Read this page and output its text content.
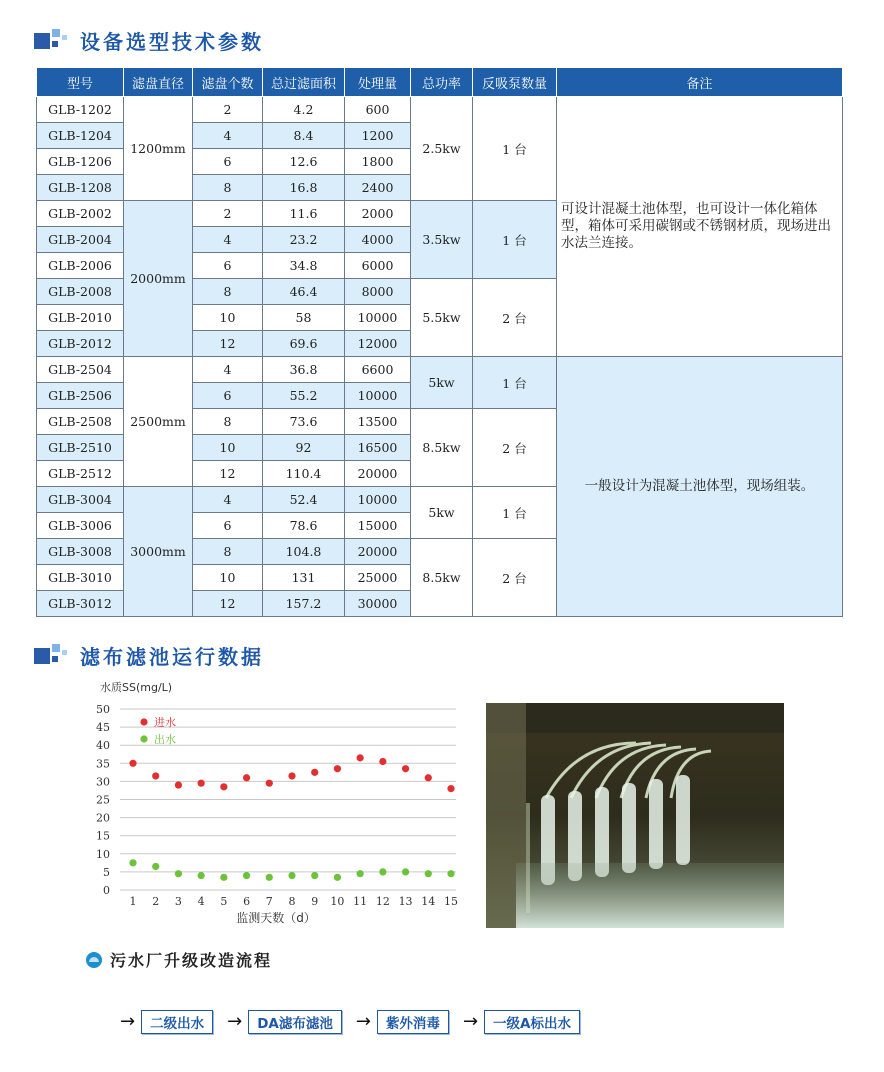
设备选型技术参数
型号	滤盘直径	滤盘个数	总过滤面积	处理量	总功率	反吸泵数量	备注
GLB-1202	1200mm	2	4.2	600	2.5kw	1 台	可设计混凝土池体型，也可设计一体化箱体型，箱体可采用碳钢或不锈钢材质，现场进出水法兰连接。
GLB-1204		4	8.4	1200			
GLB-1206		6	12.6	1800			
GLB-1208		8	16.8	2400			
GLB-2002	2000mm	2	11.6	2000	3.5kw	1 台	
GLB-2004		4	23.2	4000			
GLB-2006		6	34.8	6000			
GLB-2008		8	46.4	8000	5.5kw	2 台	
GLB-2010		10	58	10000			
GLB-2012		12	69.6	12000			
GLB-2504	2500mm	4	36.8	6600	5kw	1 台	一般设计为混凝土池体型，现场组装。
GLB-2506		6	55.2	10000			
GLB-2508		8	73.6	13500	8.5kw	2 台	
GLB-2510		10	92	16500			
GLB-2512		12	110.4	20000			
GLB-3004	3000mm	4	52.4	10000	5kw	1 台	
GLB-3006		6	78.6	15000			
GLB-3008		8	104.8	20000	8.5kw	2 台	
GLB-3010		10	131	25000			
GLB-3012		12	157.2	30000			
滤布滤池运行数据
水质SS(mg/L)
0
5
10
15
20
25
30
35
40
45
50
1 2 3 4 5 6 7 8 9 10 11 12 13 14 15
进水
出水
监测天数（d）
污水厂升级改造流程
→	二级出水	→	DA滤布滤池	→	紫外消毒	→	一级A标出水
